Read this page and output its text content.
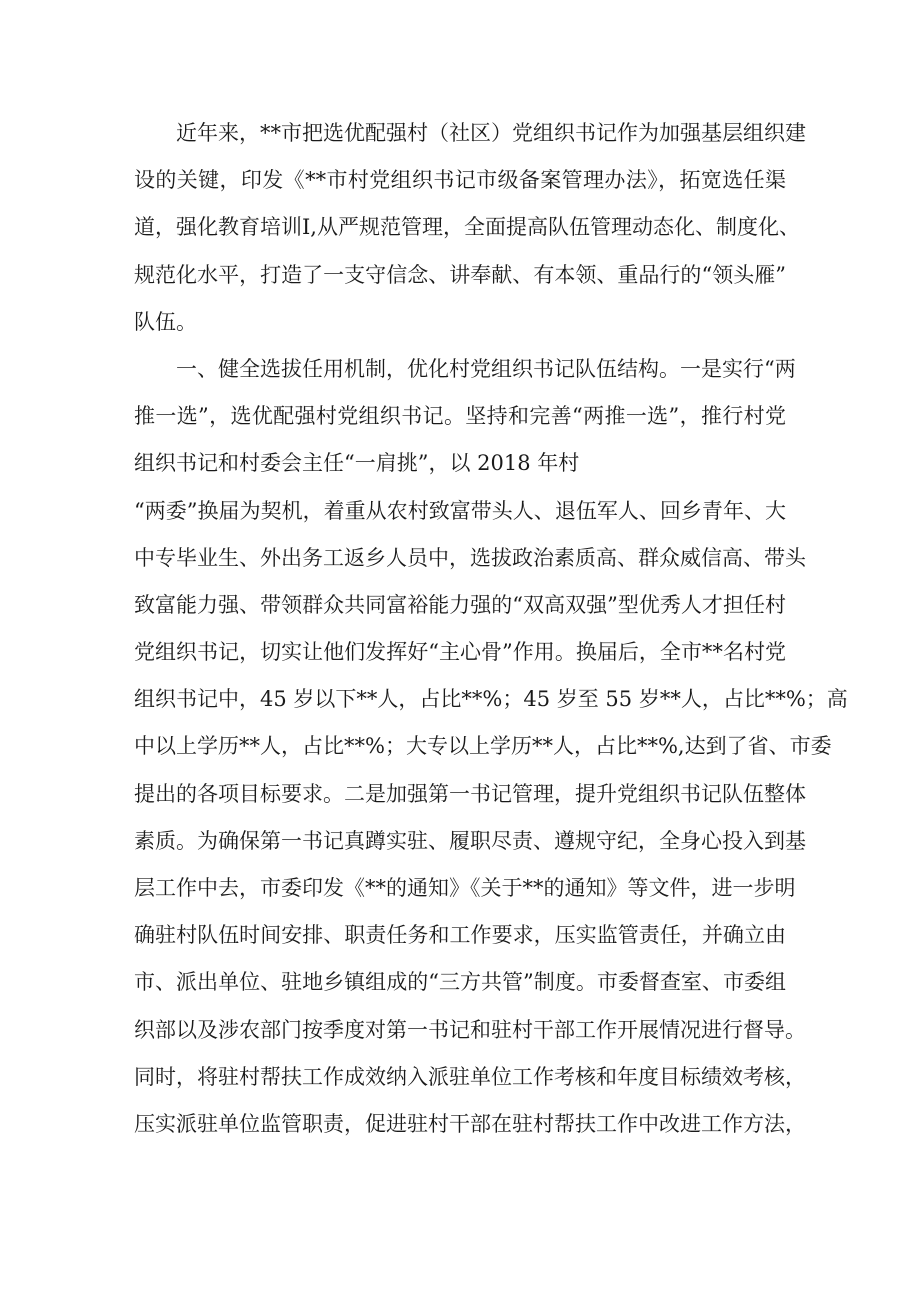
近年来，**市把选优配强村（社区）党组织书记作为加强基层组织建
设的关键，印发《**市村党组织书记市级备案管理办法》，拓宽选任渠
道，强化教育培训I,从严规范管理，全面提高队伍管理动态化、制度化、
规范化水平，打造了一支守信念、讲奉献、有本领、重品行的“领头雁”
队伍。
一、健全选拔任用机制，优化村党组织书记队伍结构。一是实行“两
推一选”，选优配强村党组织书记。坚持和完善“两推一选”，推行村党
组织书记和村委会主任“一肩挑”，以 2018 年村
“两委”换届为契机，着重从农村致富带头人、退伍军人、回乡青年、大
中专毕业生、外出务工返乡人员中，选拔政治素质高、群众威信高、带头
致富能力强、带领群众共同富裕能力强的“双高双强”型优秀人才担任村
党组织书记，切实让他们发挥好“主心骨”作用。换届后，全市**名村党
组织书记中，45 岁以下**人，占比**%；45 岁至 55 岁**人，占比**%；高
中以上学历**人，占比**%；大专以上学历**人，占比**%,达到了省、市委
提出的各项目标要求。二是加强第一书记管理，提升党组织书记队伍整体
素质。为确保第一书记真蹲实驻、履职尽责、遵规守纪，全身心投入到基
层工作中去，市委印发《**的通知》《关于**的通知》等文件，进一步明
确驻村队伍时间安排、职责任务和工作要求，压实监管责任，并确立由
市、派出单位、驻地乡镇组成的“三方共管”制度。市委督查室、市委组
织部以及涉农部门按季度对第一书记和驻村干部工作开展情况进行督导。
同时，将驻村帮扶工作成效纳入派驻单位工作考核和年度目标绩效考核，
压实派驻单位监管职责，促进驻村干部在驻村帮扶工作中改进工作方法，
